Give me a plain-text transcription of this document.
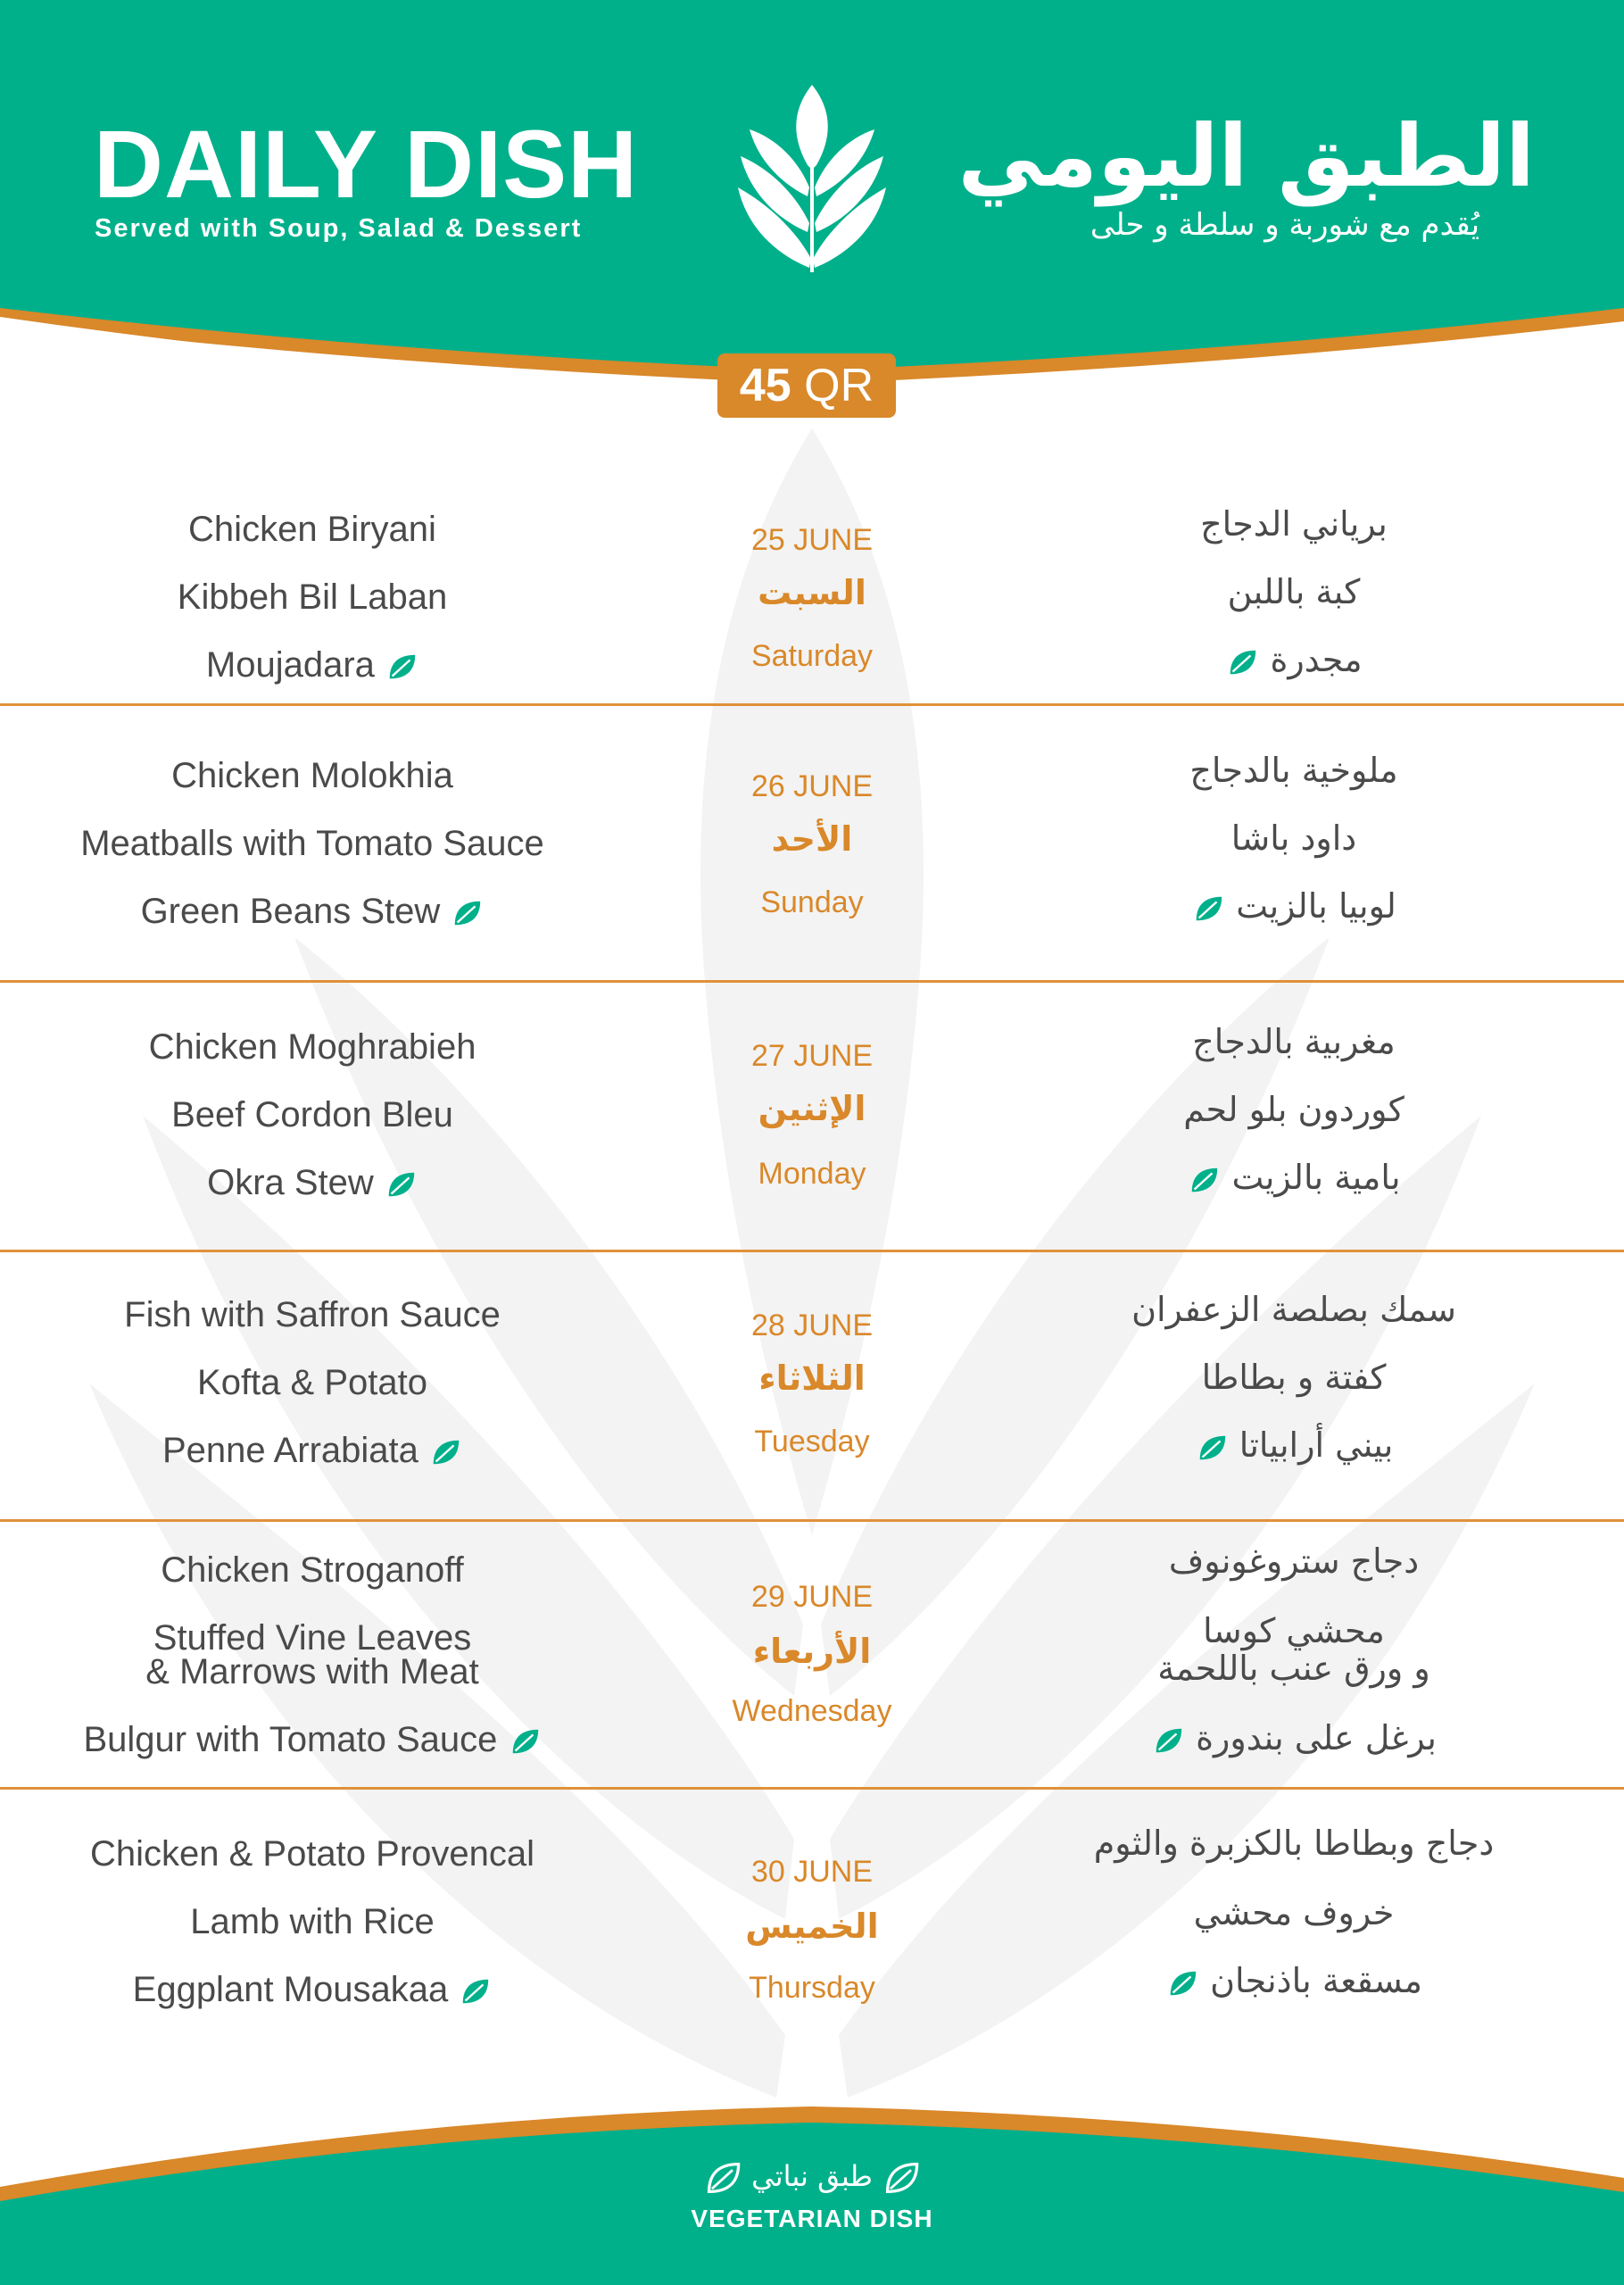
DAILY DISH
Served with Soup, Salad & Dessert
الطبق اليومي
يُقدم مع شوربة و سلطة و حلى
45 QR
Chicken Biryani
Kibbeh Bil Laban
Moujadara
25 JUNE
السبت
Saturday
برياني الدجاج
كبة باللبن
مجدرة
Chicken Molokhia
Meatballs with Tomato Sauce
Green Beans Stew
26 JUNE
الأحد
Sunday
ملوخية بالدجاج
داود باشا
لوبيا بالزيت
Chicken Moghrabieh
Beef Cordon Bleu
Okra Stew
27 JUNE
الإثنين
Monday
مغربية بالدجاج
كوردون بلو لحم
بامية بالزيت
Fish with Saffron Sauce
Kofta & Potato
Penne Arrabiata
28 JUNE
الثلاثاء
Tuesday
سمك بصلصة الزعفران
كفتة و بطاطا
بيني أرابياتا
Chicken Stroganoff
Stuffed Vine Leaves
& Marrows with Meat
Bulgur with Tomato Sauce
29 JUNE
الأربعاء
Wednesday
دجاج ستروغونوف
محشي كوسا
و ورق عنب باللحمة
برغل على بندورة
Chicken & Potato Provencal
Lamb with Rice
Eggplant Mousakaa
30 JUNE
الخميس
Thursday
دجاج وبطاطا بالكزبرة والثوم
خروف محشي
مسقعة باذنجان
طبق نباتي
VEGETARIAN DISH
